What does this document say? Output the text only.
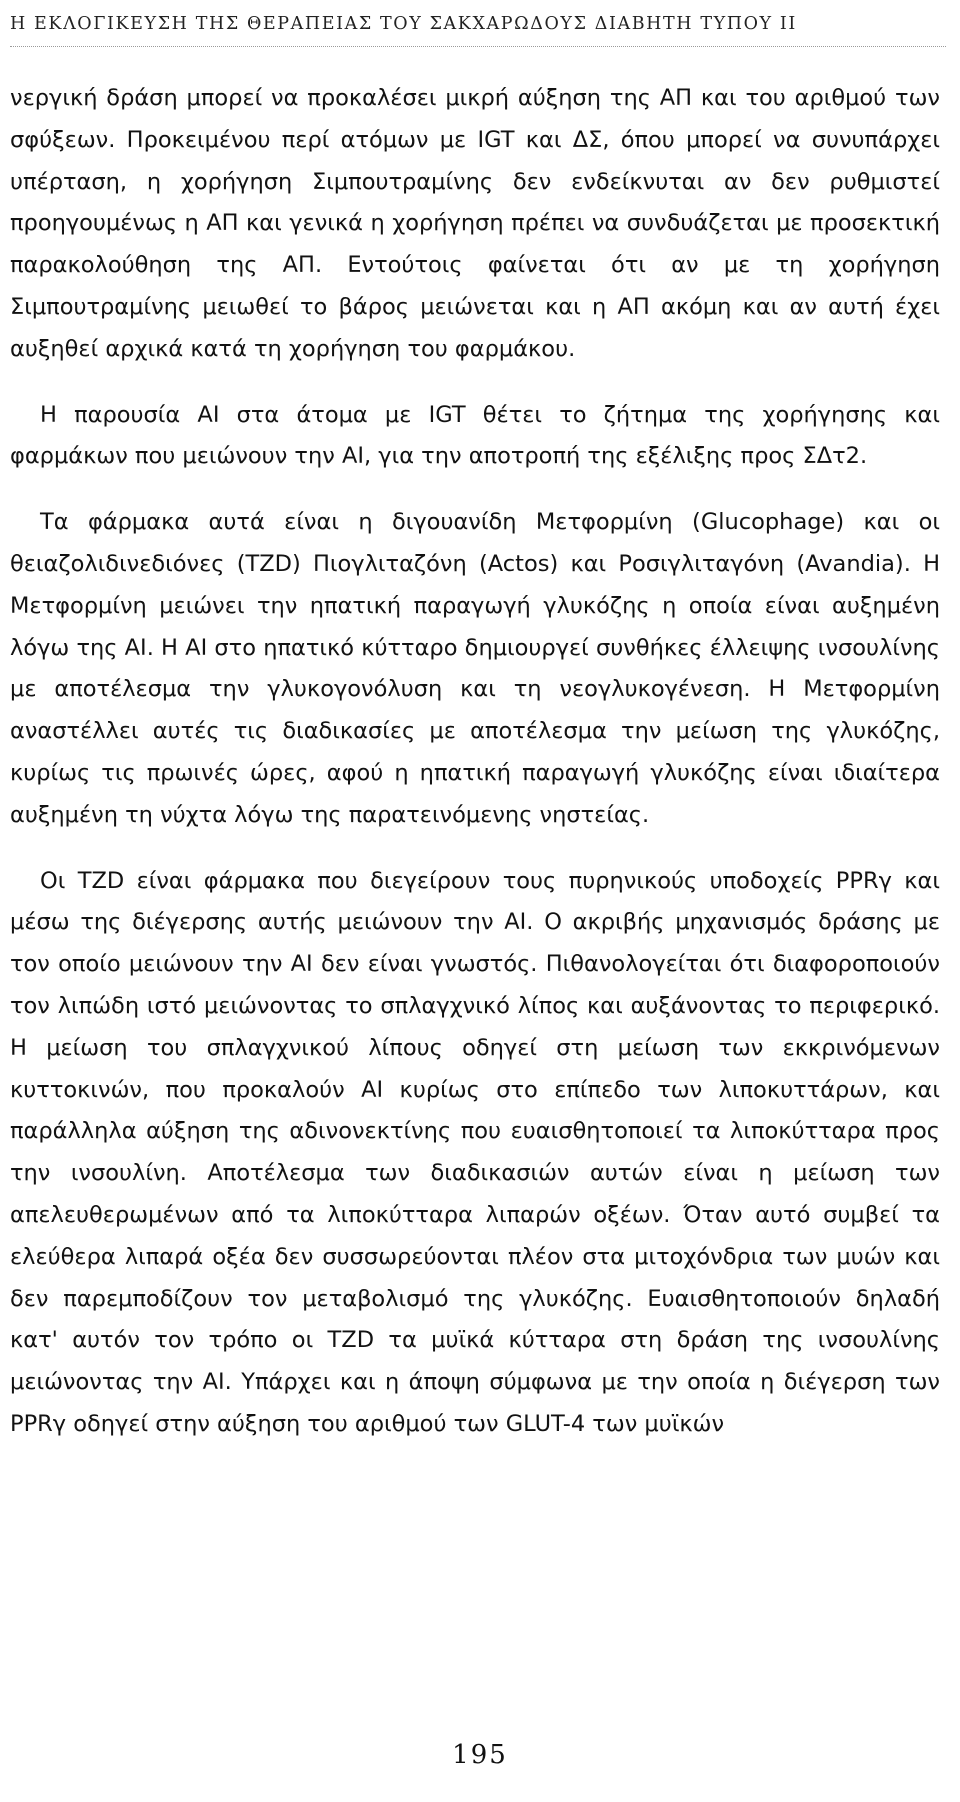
Η ΕΚΛΟΓΙΚΕΥΣΗ ΤΗΣ ΘΕΡΑΠΕΙΑΣ ΤΟΥ ΣΑΚΧΑΡΩΔΟΥΣ ΔΙΑΒΗΤΗ ΤΥΠΟΥ ΙΙ

νεργική δράση μπορεί να προκαλέσει μικρή αύξηση της ΑΠ και του αριθμού των σφύξεων. Προκειμένου περί ατόμων με IGT και ΔΣ, όπου μπορεί να συνυπάρχει υπέρταση, η χορήγηση Σιμπουτραμίνης δεν ενδείκνυται αν δεν ρυθμιστεί προηγουμένως η ΑΠ και γενικά η χορήγηση πρέπει να συνδυάζεται με προσεκτική παρακολούθηση της ΑΠ. Εντούτοις φαίνεται ότι αν με τη χορήγηση Σιμπουτραμίνης μειωθεί το βάρος μειώνεται και η ΑΠ ακόμη και αν αυτή έχει αυξηθεί αρχικά κατά τη χορήγηση του φαρμάκου.

Η παρουσία ΑΙ στα άτομα με IGT θέτει το ζήτημα της χορήγησης και φαρμάκων που μειώνουν την ΑΙ, για την αποτροπή της εξέλιξης προς ΣΔτ2.

Τα φάρμακα αυτά είναι η διγουανίδη Μετφορμίνη (Glucophage) και οι θειαζολιδινεδιόνες (TZD) Πιογλιταζόνη (Actos) και Ροσιγλιταγόνη (Avandia). Η Μετφορμίνη μειώνει την ηπατική παραγωγή γλυκόζης η οποία είναι αυξημένη λόγω της ΑΙ. Η ΑΙ στο ηπατικό κύτταρο δημιουργεί συνθήκες έλλειψης ινσουλίνης με αποτέλεσμα την γλυκογονόλυση και τη νεογλυκογένεση. Η Μετφορμίνη αναστέλλει αυτές τις διαδικασίες με αποτέλεσμα την μείωση της γλυκόζης, κυρίως τις πρωινές ώρες, αφού η ηπατική παραγωγή γλυκόζης είναι ιδιαίτερα αυξημένη τη νύχτα λόγω της παρατεινόμενης νηστείας.

Οι TZD είναι φάρμακα που διεγείρουν τους πυρηνικούς υποδοχείς PPRγ και μέσω της διέγερσης αυτής μειώνουν την ΑΙ. Ο ακριβής μηχανισμός δράσης με τον οποίο μειώνουν την ΑΙ δεν είναι γνωστός. Πιθανολογείται ότι διαφοροποιούν τον λιπώδη ιστό μειώνοντας το σπλαγχνικό λίπος και αυξάνοντας το περιφερικό. Η μείωση του σπλαγχνικού λίπους οδηγεί στη μείωση των εκκρινόμενων κυττοκινών, που προκαλούν ΑΙ κυρίως στο επίπεδο των λιποκυττάρων, και παράλληλα αύξηση της αδινονεκτίνης που ευαισθητοποιεί τα λιποκύτταρα προς την ινσουλίνη. Αποτέλεσμα των διαδικασιών αυτών είναι η μείωση των απελευθερωμένων από τα λιποκύτταρα λιπαρών οξέων. Όταν αυτό συμβεί τα ελεύθερα λιπαρά οξέα δεν συσσωρεύονται πλέον στα μιτοχόνδρια των μυών και δεν παρεμποδίζουν τον μεταβολισμό της γλυκόζης. Ευαισθητοποιούν δηλαδή κατ' αυτόν τον τρόπο οι TZD τα μυϊκά κύτταρα στη δράση της ινσουλίνης μειώνοντας την ΑΙ. Υπάρχει και η άποψη σύμφωνα με την οποία η διέγερση των PPRγ οδηγεί στην αύξηση του αριθμού των GLUT-4 των μυϊκών

195
